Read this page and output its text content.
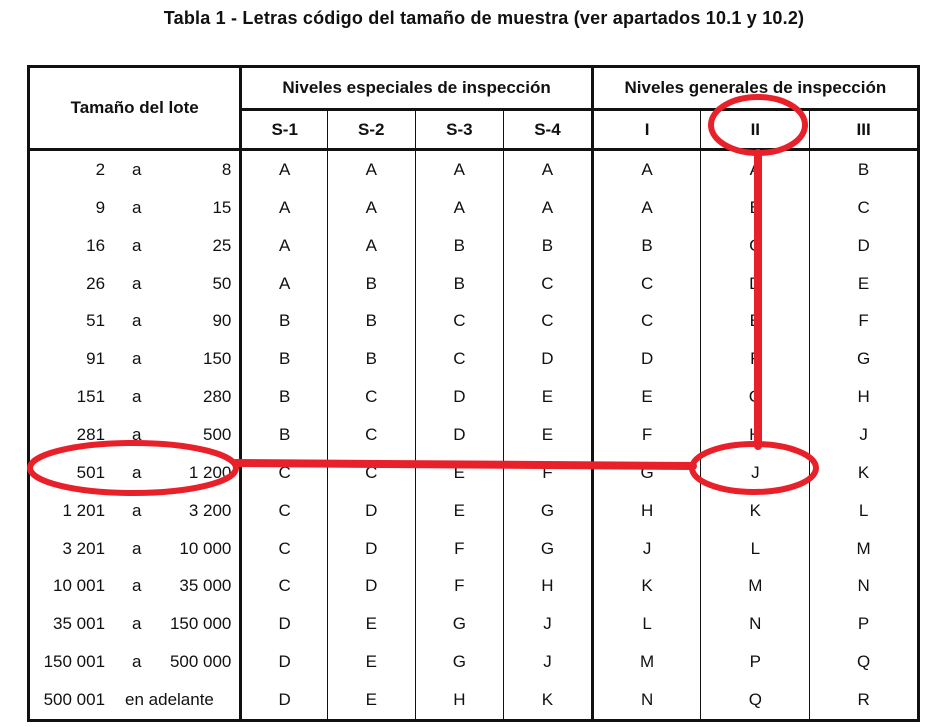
Tabla 1 - Letras código del tamaño de muestra (ver apartados 10.1 y 10.2)
Tamaño del lote			Niveles especiales de inspección				Niveles generales de inspección		
			S-1	S-2	S-3	S-4	I	II	III
2	a	8	A	A	A	A	A	A	B
9	a	15	A	A	A	A	A	B	C
16	a	25	A	A	B	B	B	C	D
26	a	50	A	B	B	C	C	D	E
51	a	90	B	B	C	C	C	E	F
91	a	150	B	B	C	D	D	F	G
151	a	280	B	C	D	E	E	G	H
281	a	500	B	C	D	E	F	H	J
501	a	1 200	C	C	E	F	G	J	K
1 201	a	3 200	C	D	E	G	H	K	L
3 201	a	10 000	C	D	F	G	J	L	M
10 001	a	35 000	C	D	F	H	K	M	N
35 001	a	150 000	D	E	G	J	L	N	P
150 001	a	500 000	D	E	G	J	M	P	Q
500 001	en adelante		D	E	H	K	N	Q	R
